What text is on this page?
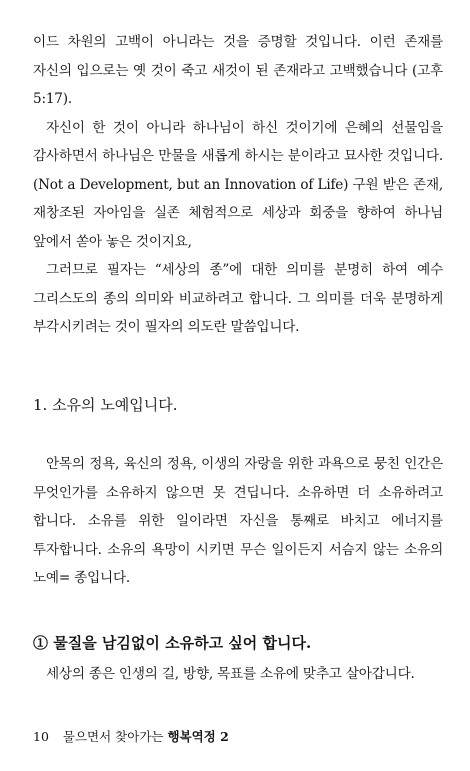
이드 차원의 고백이 아니라는 것을 증명할 것입니다. 이런 존재를 자신의 입으로는 옛 것이 죽고 새것이 된 존재라고 고백했습니다 (고후 5:17).

자신이 한 것이 아니라 하나님이 하신 것이기에 은혜의 선물임을 감사하면서 하나님은 만물을 새롭게 하시는 분이라고 묘사한 것입니다.(Not a Development, but an Innovation of Life) 구원 받은 존재, 재창조된 자아임을 실존 체험적으로 세상과 회중을 향하여 하나님 앞에서 쏟아 놓은 것이지요,

그러므로 필자는 “세상의 종”에 대한 의미를 분명히 하여 예수 그리스도의 종의 의미와 비교하려고 합니다. 그 의미를 더욱 분명하게 부각시키려는 것이 필자의 의도란 말씀입니다.

1. 소유의 노예입니다.

안목의 정욕, 육신의 정욕, 이생의 자랑을 위한 과욕으로 뭉친 인간은 무엇인가를 소유하지 않으면 못 견딥니다. 소유하면 더 소유하려고 합니다. 소유를 위한 일이라면 자신을 통째로 바치고 에너지를 투자합니다. 소유의 욕망이 시키면 무슨 일이든지 서슴지 않는 소유의 노예= 종입니다.

① 물질을 남김없이 소유하고 싶어 합니다.

세상의 종은 인생의 길, 방향, 목표를 소유에 맞추고 살아갑니다.

10 물으면서 찾아가는 행복역정 2
